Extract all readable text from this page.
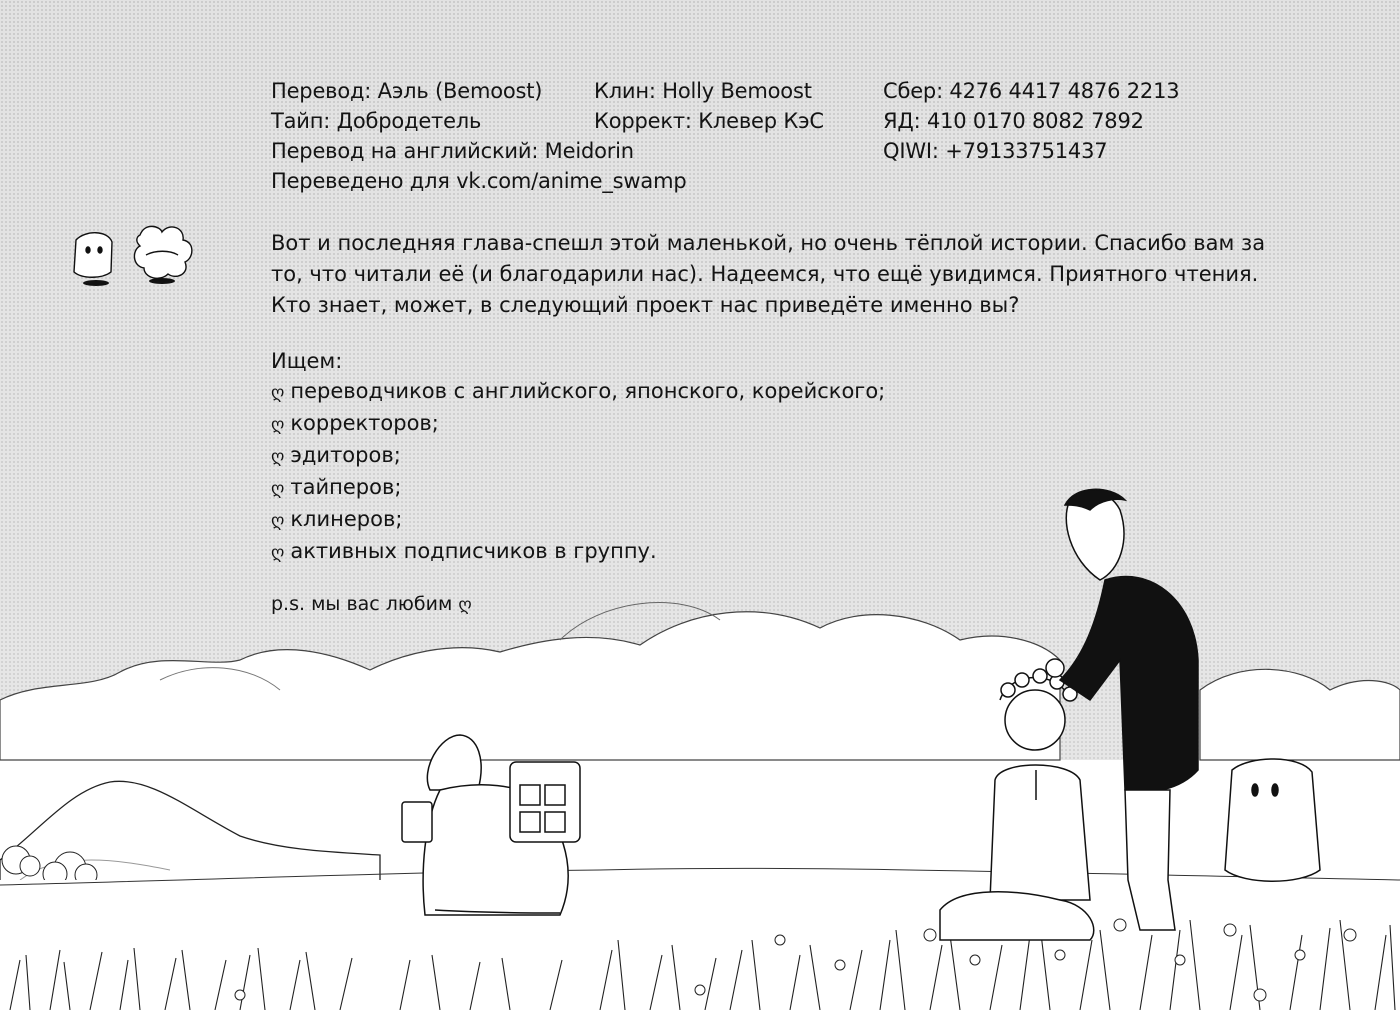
Перевод: Аэль (Bemoost)
Тайп: Добродетель
Перевод на английский: Meidorin
Переведено для vk.com/anime_swamp
Клин: Holly Bemoost
Коррект: Клевер КэС
Сбер: 4276 4417 4876 2213
ЯД: 410 0170 8082 7892
QIWI: +79133751437
Вот и последняя глава-спешл этой маленькой, но очень тёплой истории. Спасибо вам за
то, что читали её (и благодарили нас). Надеемся, что ещё увидимся. Приятного чтения.
Кто знает, может, в следующий проект нас приведёте именно вы?
Ищем:
ღ переводчиков с английского, японского, корейского;
ღ корректоров;
ღ эдиторов;
ღ тайперов;
ღ клинеров;
ღ активных подписчиков в группу.
p.s. мы вас любим ღ
